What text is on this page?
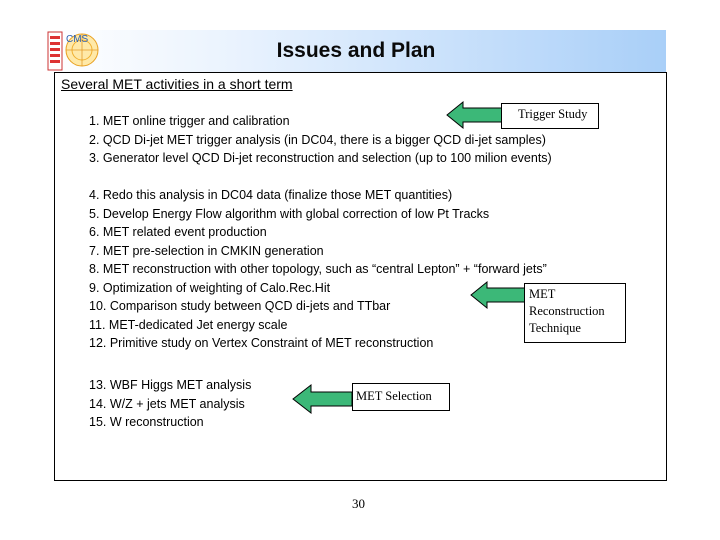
CMS	Issues and Plan
Several MET activities in a short term
1. MET online trigger and calibration
2. QCD Di-jet MET trigger analysis (in DC04, there is a bigger QCD di-jet samples)
3. Generator level QCD Di-jet reconstruction and selection (up to 100 milion events)
4. Redo this analysis in DC04 data (finalize those MET quantities)
5. Develop Energy Flow algorithm with global correction of low Pt Tracks
6. MET related event production
7. MET pre-selection in CMKIN generation
8. MET reconstruction with other topology, such as “central Lepton” + “forward jets”
9. Optimization of weighting of Calo.Rec.Hit
10. Comparison study between QCD di-jets and TTbar
11. MET-dedicated Jet energy scale
12. Primitive study on Vertex Constraint of MET reconstruction
13. WBF Higgs MET analysis
14. W/Z + jets MET analysis
15. W reconstruction
Trigger Study
MET
Reconstruction
Technique
MET Selection
30
